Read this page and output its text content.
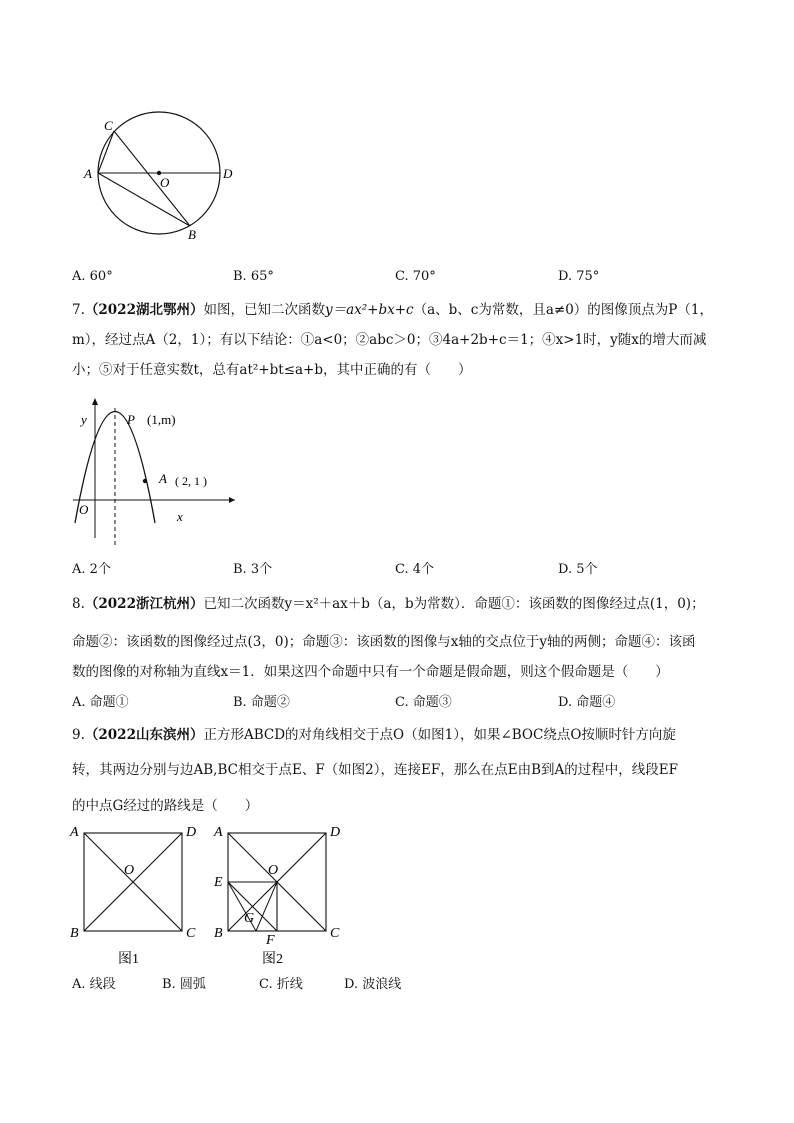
C
A
O
D
B
A. 60°	B. 65°	C. 70°	D. 75°
7.（2022湖北鄂州）如图，已知二次函数y＝ax²+bx+c（a、b、c为常数，且a≠0）的图像顶点为P（1，
m），经过点A（2，1）；有以下结论：①a<0；②abc＞0；③4a+2b+c＝1；④x>1时，y随x的增大而减
小；⑤对于任意实数t，总有at²+bt≤a+b，其中正确的有（　　）
y	P (1,m)
A ( 2, 1 )
O	x
A. 2个	B. 3个	C. 4个	D. 5个
8.（2022浙江杭州）已知二次函数y＝x²＋ax＋b（a，b为常数）．命题①：该函数的图像经过点(1，0)；
命题②：该函数的图像经过点(3，0)；命题③：该函数的图像与x轴的交点位于y轴的两侧；命题④：该函
数的图像的对称轴为直线x＝1．如果这四个命题中只有一个命题是假命题，则这个假命题是（　　）
A. 命题①	B. 命题②	C. 命题③	D. 命题④
9.（2022山东滨州）正方形ABCD的对角线相交于点O（如图1），如果∠BOC绕点O按顺时针方向旋
转，其两边分别与边AB,BC相交于点E、F（如图2），连接EF，那么在点E由B到A的过程中，线段EF
的中点G经过的路线是（　　）
A	D
O
B	C
图1
A	D
O
E
G
B	F	C
图2
A. 线段	B. 圆弧	C. 折线	D. 波浪线
